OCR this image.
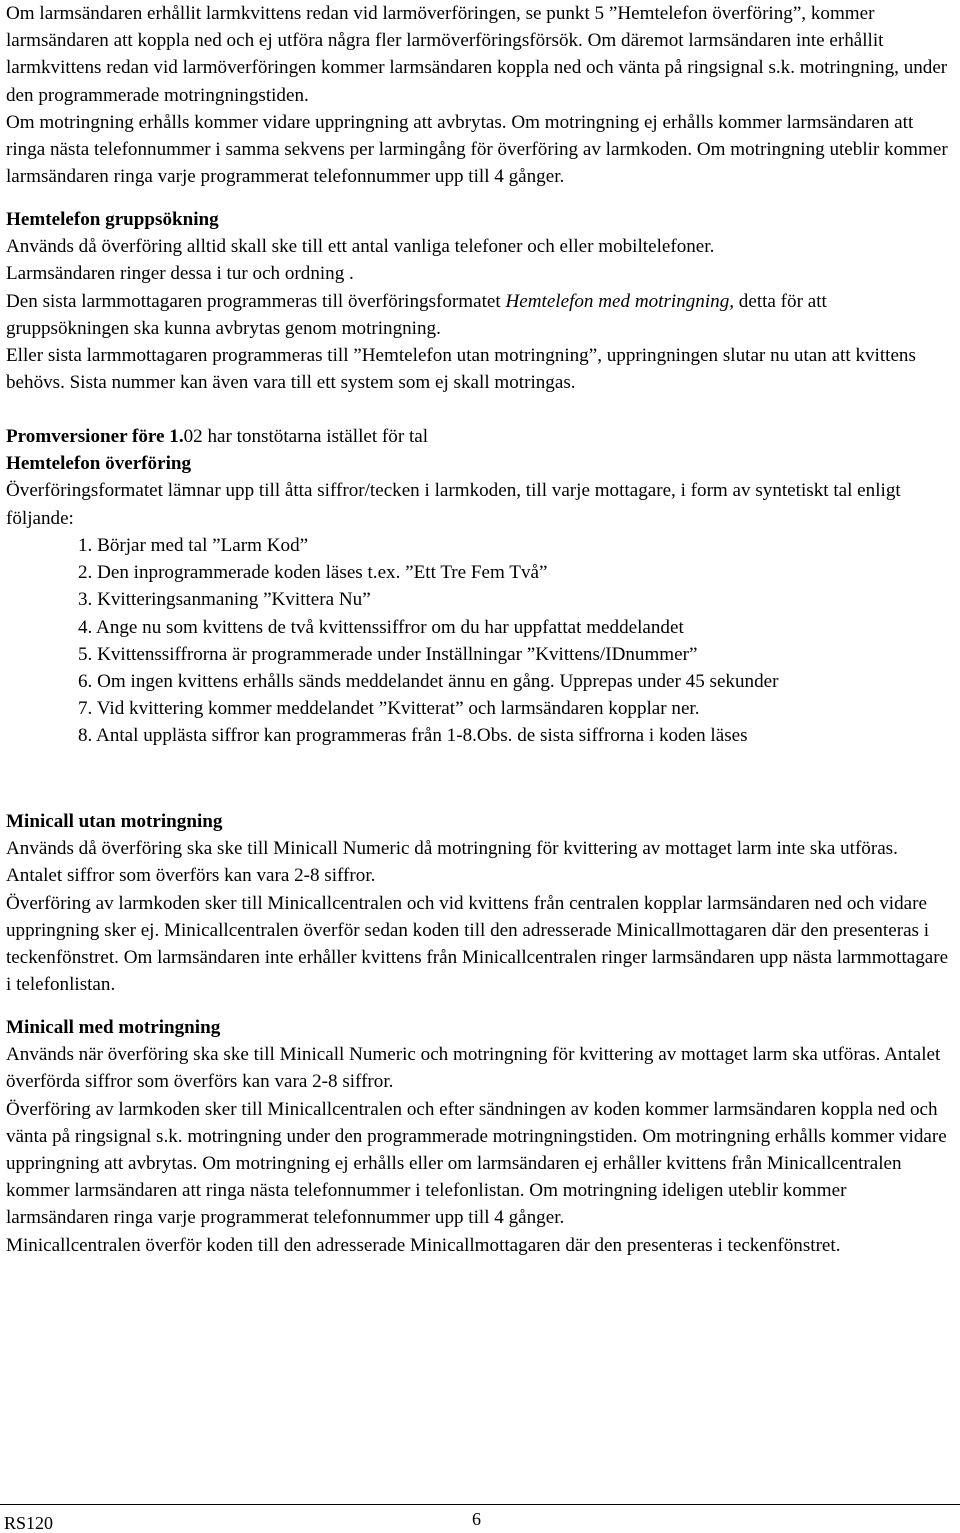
Om larmsändaren erhållit larmkvittens redan vid larmöverföringen, se punkt 5 ”Hemtelefon överföring”, kommer larmsändaren att koppla ned och ej utföra några fler larmöverföringsförsök. Om däremot larmsändaren inte erhållit larmkvittens redan vid larmöverföringen kommer larmsändaren koppla ned och vänta på ringsignal s.k. motringning, under den programmerade motringningstiden.

Om motringning erhålls kommer vidare uppringning att avbrytas. Om motringning ej erhålls kommer larmsändaren att ringa nästa telefonnummer i samma sekvens per larmingång för överföring av larmkoden. Om motringning uteblir kommer larmsändaren ringa varje programmerat telefonnummer upp till 4 gånger.

Hemtelefon gruppsökning

Används då överföring alltid skall ske till ett antal vanliga telefoner och eller mobiltelefoner.

Larmsändaren ringer dessa i tur och ordning .

Den sista larmmottagaren programmeras till överföringsformatet Hemtelefon med motringning, detta för att gruppsökningen ska kunna avbrytas genom motringning.

Eller sista larmmottagaren programmeras till ”Hemtelefon utan motringning”, uppringningen slutar nu utan att kvittens behövs. Sista nummer kan även vara till ett system som ej skall motringas.

Promversioner före 1.02 har tonstötarna istället för tal

Hemtelefon överföring

Överföringsformatet lämnar upp till åtta siffror/tecken i larmkoden, till varje mottagare, i form av syntetiskt tal enligt följande:

1. Börjar med tal ”Larm Kod”
2. Den inprogrammerade koden läses t.ex. ”Ett Tre Fem Två”
3. Kvitteringsanmaning ”Kvittera Nu”
4. Ange nu som kvittens de två kvittenssiffror om du har uppfattat meddelandet
5. Kvittenssiffrorna är programmerade under Inställningar ”Kvittens/IDnummer”
6. Om ingen kvittens erhålls sänds meddelandet ännu en gång. Upprepas under 45 sekunder
7. Vid kvittering kommer meddelandet ”Kvitterat” och larmsändaren kopplar ner.
8. Antal upplästa siffror kan programmeras från 1-8.Obs. de sista siffrorna i koden läses

Minicall utan motringning

Används då överföring ska ske till Minicall Numeric då motringning för kvittering av mottaget larm inte ska utföras.

Antalet siffror som överförs kan vara 2-8 siffror.

Överföring av larmkoden sker till Minicallcentralen och vid kvittens från centralen kopplar larmsändaren ned och vidare uppringning sker ej. Minicallcentralen överför sedan koden till den adresserade Minicallmottagaren där den presenteras i teckenfönstret. Om larmsändaren inte erhåller kvittens från Minicallcentralen ringer larmsändaren upp nästa larmmottagare i telefonlistan.

Minicall med motringning

Används när överföring ska ske till Minicall Numeric och motringning för kvittering av mottaget larm ska utföras. Antalet överförda siffror som överförs kan vara 2-8 siffror.

Överföring av larmkoden sker till Minicallcentralen och efter sändningen av koden kommer larmsändaren koppla ned och vänta på ringsignal s.k. motringning under den programmerade motringningstiden. Om motringning erhålls kommer vidare uppringning att avbrytas. Om motringning ej erhålls eller om larmsändaren ej erhåller kvittens från Minicallcentralen kommer larmsändaren att ringa nästa telefonnummer i telefonlistan. Om motringning ideligen uteblir kommer larmsändaren ringa varje programmerat telefonnummer upp till 4 gånger.

Minicallcentralen överför koden till den adresserade Minicallmottagaren där den presenteras i teckenfönstret.

RS120	6
